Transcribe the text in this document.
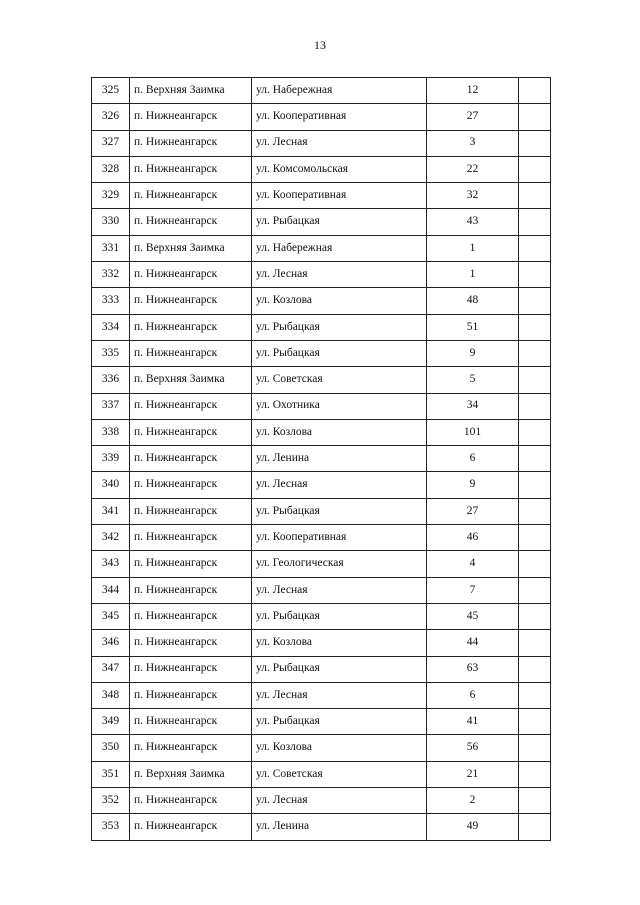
13
325	п. Верхняя Заимка	ул. Набережная	12	
326	п. Нижнеангарск	ул. Кооперативная	27	
327	п. Нижнеангарск	ул. Лесная	3	
328	п. Нижнеангарск	ул. Комсомольская	22	
329	п. Нижнеангарск	ул. Кооперативная	32	
330	п. Нижнеангарск	ул. Рыбацкая	43	
331	п. Верхняя Заимка	ул. Набережная	1	
332	п. Нижнеангарск	ул. Лесная	1	
333	п. Нижнеангарск	ул. Козлова	48	
334	п. Нижнеангарск	ул. Рыбацкая	51	
335	п. Нижнеангарск	ул. Рыбацкая	9	
336	п. Верхняя Заимка	ул. Советская	5	
337	п. Нижнеангарск	ул. Охотника	34	
338	п. Нижнеангарск	ул. Козлова	101	
339	п. Нижнеангарск	ул. Ленина	6	
340	п. Нижнеангарск	ул. Лесная	9	
341	п. Нижнеангарск	ул. Рыбацкая	27	
342	п. Нижнеангарск	ул. Кооперативная	46	
343	п. Нижнеангарск	ул. Геологическая	4	
344	п. Нижнеангарск	ул. Лесная	7	
345	п. Нижнеангарск	ул. Рыбацкая	45	
346	п. Нижнеангарск	ул. Козлова	44	
347	п. Нижнеангарск	ул. Рыбацкая	63	
348	п. Нижнеангарск	ул. Лесная	6	
349	п. Нижнеангарск	ул. Рыбацкая	41	
350	п. Нижнеангарск	ул. Козлова	56	
351	п. Верхняя Заимка	ул. Советская	21	
352	п. Нижнеангарск	ул. Лесная	2	
353	п. Нижнеангарск	ул. Ленина	49	
